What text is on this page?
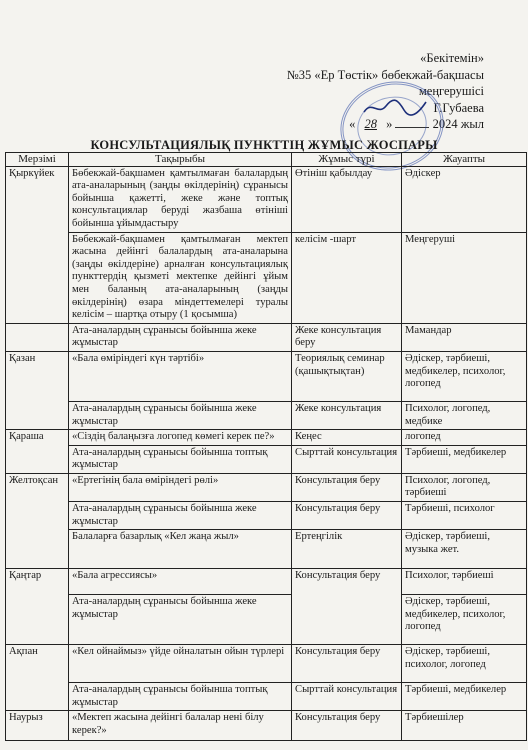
«Бекітемін»
№35 «Ер Төстік» бөбекжай-бақшасы
меңгерушісі
Г.Губаева
« 28 »	2024 жыл
КОНСУЛЬТАЦИЯЛЫҚ ПУНКТТІҢ ЖҰМЫС ЖОСПАРЫ
Мерзімі	Тақырыбы	Жұмыс түрі	Жауапты
Қыркүйек	Бөбекжай-бақшамен қамтылмаған балалардың ата-аналарының (заңды өкілдерінің) сұранысы бойынша қажетті, жеке және топтық консультациялар беруді жазбаша өтініші бойынша ұйымдастыру	Өтініш қабылдау	Әдіскер
	Бөбекжай-бақшамен қамтылмаған мектеп жасына дейінгі балалардың ата-аналарына (заңды өкілдеріне) арналған консультациялық пункттердің қызметі мектепке дейінгі ұйым мен баланың ата-аналарының (заңды өкілдерінің) өзара міндеттемелері туралы келісім – шартқа отыру (1 қосымша)	келісім -шарт	Меңгеруші
	Ата-аналардың сұранысы бойынша жеке жұмыстар	Жеке консультация беру	Мамандар
Қазан	«Бала өміріндегі күн тәртібі»	Теориялық семинар (қашықтықтан)	Әдіскер, тәрбиеші, медбикелер, психолог, логопед
	Ата-аналардың сұранысы бойынша жеке жұмыстар	Жеке консультация	Психолог, логопед, медбике
Қараша	«Сіздің балаңызға логопед көмегі керек пе?»	Кеңес	логопед
	Ата-аналардың сұранысы бойынша топтық жұмыстар	Сырттай консультация	Тәрбиеші, медбикелер
Желтоқсан	«Ертегінің бала өміріндегі рөлі»	Консультация беру	Психолог, логопед, тәрбиеші
	Ата-аналардың сұранысы бойынша жеке жұмыстар	Консультация беру	Тәрбиеші, психолог
	Балаларға базарлық «Кел жаңа жыл»	Ертеңгілік	Әдіскер, тәрбиеші, музыка жет.
Қаңтар	«Бала агрессиясы»	Консультация беру	Психолог, тәрбиеші
	Ата-аналардың сұранысы бойынша жеке жұмыстар		Әдіскер, тәрбиеші, медбикелер, психолог, логопед
Ақпан	«Кел ойнаймыз» үйде ойналатын ойын түрлері	Консультация беру	Әдіскер, тәрбиеші, психолог, логопед
	Ата-аналардың сұранысы бойынша топтық жұмыстар	Сырттай консультация	Тәрбиеші, медбикелер
Наурыз	«Мектеп жасына дейінгі балалар нені білу керек?»	Консультация беру	Тәрбиешілер
